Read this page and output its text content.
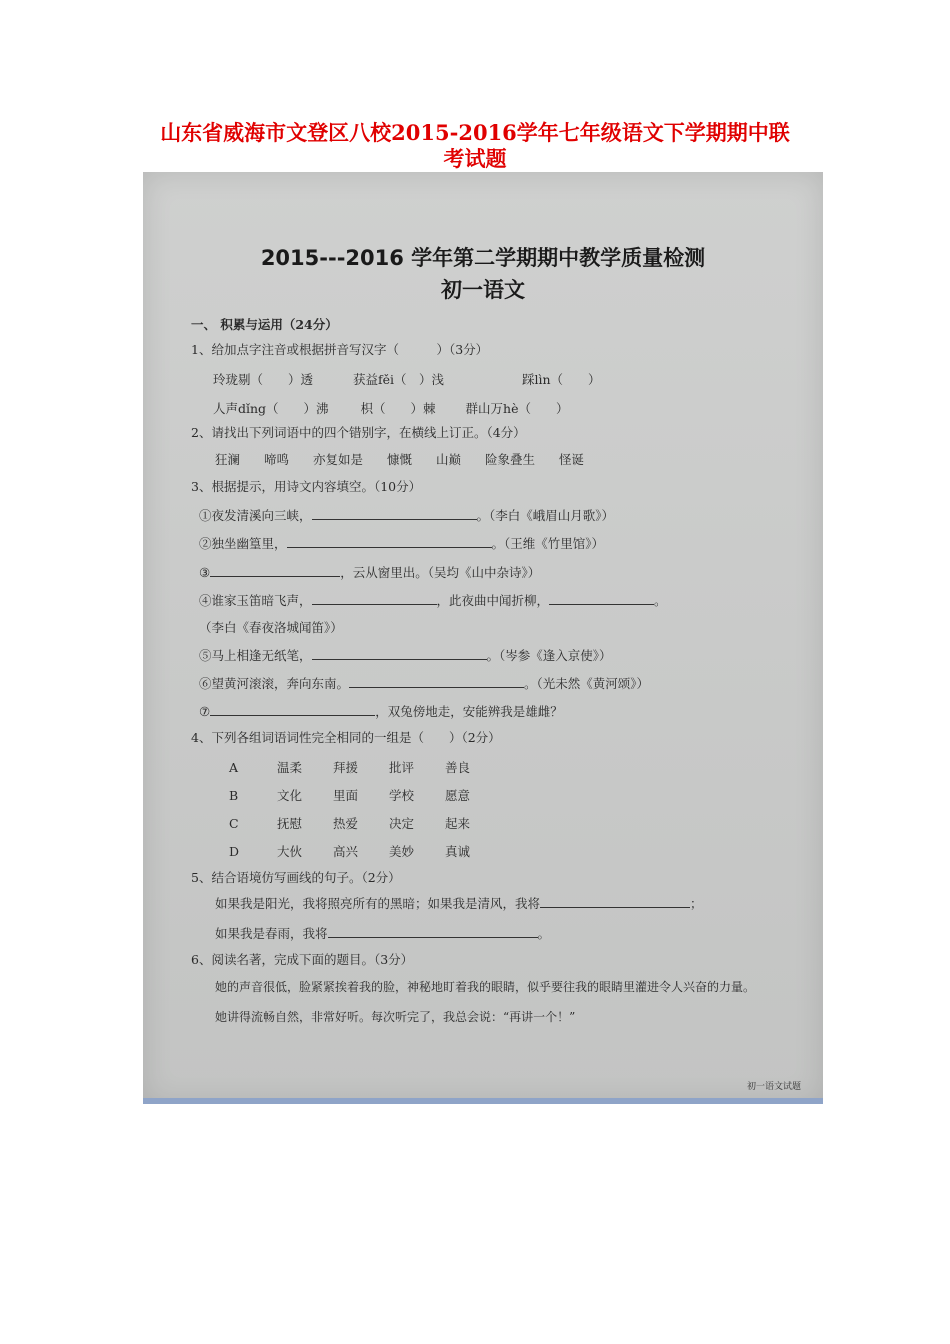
山东省威海市文登区八校2015-2016学年七年级语文下学期期中联
考试题
2015---2016 学年第二学期期中教学质量检测
初一语文
一、 积累与运用（24分）
1、给加点字注音或根据拼音写汉字（　　　）（3分）
玲珑剔（　　）透	获益fěi（　）浅	踩lìn（　　）
人声dǐng（　　）沸	枳（　　）棘 群山万hè（　　）
2、请找出下列词语中的四个错别字，在横线上订正。（4分）
狂澜 啼鸣 亦复如是 慷慨 山巅 险象叠生 怪诞
3、根据提示，用诗文内容填空。（10分）
①夜发清溪向三峡，	。（李白《峨眉山月歌》）
②独坐幽篁里，	。（王维《竹里馆》）
③	，云从窗里出。（吴均《山中杂诗》）
④谁家玉笛暗飞声，	，此夜曲中闻折柳，	。
（李白《春夜洛城闻笛》）
⑤马上相逢无纸笔，	。（岑参《逢入京使》）
⑥望黄河滚滚，奔向东南。	。（光未然《黄河颂》）
⑦	，双兔傍地走，安能辨我是雄雌？
4、下列各组词语词性完全相同的一组是（　　）（2分）
A	温柔 拜援 批评 善良
B	文化 里面 学校 愿意
C	抚慰 热爱 决定 起来
D	大伙 高兴 美妙 真诚
5、结合语境仿写画线的句子。（2分）
如果我是阳光，我将照亮所有的黑暗；如果我是清风，我将	；
如果我是春雨，我将	。
6、阅读名著，完成下面的题目。（3分）
她的声音很低，脸紧紧挨着我的脸，神秘地盯着我的眼睛，似乎要往我的眼睛里灌进令人兴奋的力量。
她讲得流畅自然，非常好听。每次听完了，我总会说：“再讲一个！”
初一语文试题
